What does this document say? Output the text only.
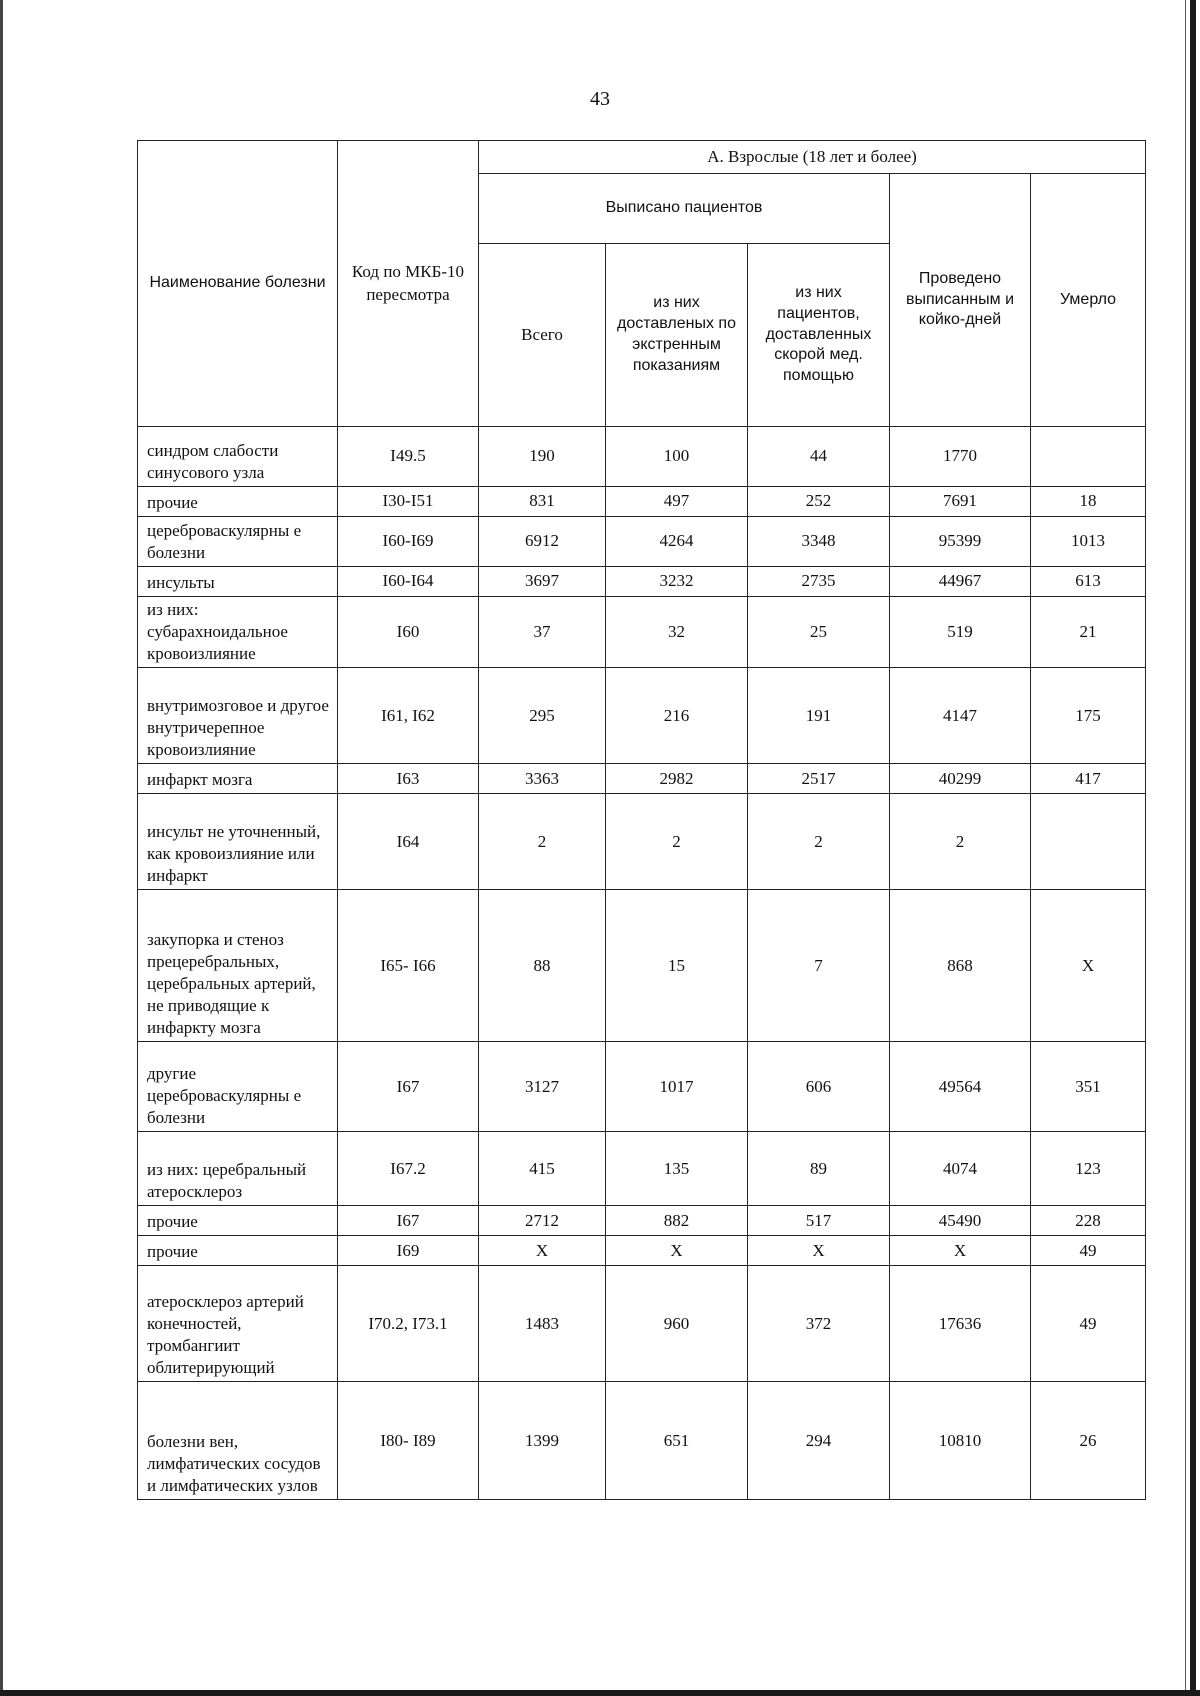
43
Наименование болезни	Код по МКБ-10 пересмотра	А. Взрослые (18 лет и более)				
		Выписано пациентов			Проведено выписанным и койко-дней	Умерло
		Всего	из них доставленых по экстренным показаниям	из них пациентов, доставленных скорой мед. помощью		
синдром слабости синусового узла	I49.5	190	100	44	1770	
прочие	I30-I51	831	497	252	7691	18
цереброваскулярны е болезни	I60-I69	6912	4264	3348	95399	1013
инсульты	I60-I64	3697	3232	2735	44967	613
из них: субарахноидальное кровоизлияние	I60	37	32	25	519	21
внутримозговое и другое внутричерепное кровоизлияние	I61, I62	295	216	191	4147	175
инфаркт мозга	I63	3363	2982	2517	40299	417
инсульт не уточненный, как кровоизлияние или инфаркт	I64	2	2	2	2	
закупорка и стеноз прецеребральных, церебральных артерий, не приводящие к инфаркту мозга	I65- I66	88	15	7	868	X
другие цереброваскулярны е болезни	I67	3127	1017	606	49564	351
из них: церебральный атеросклероз	I67.2	415	135	89	4074	123
прочие	I67	2712	882	517	45490	228
прочие	I69	X	X	X	X	49
атеросклероз артерий конечностей, тромбангиит облитерирующий	I70.2, I73.1	1483	960	372	17636	49
болезни вен, лимфатических сосудов и лимфатических узлов	I80- I89	1399	651	294	10810	26
